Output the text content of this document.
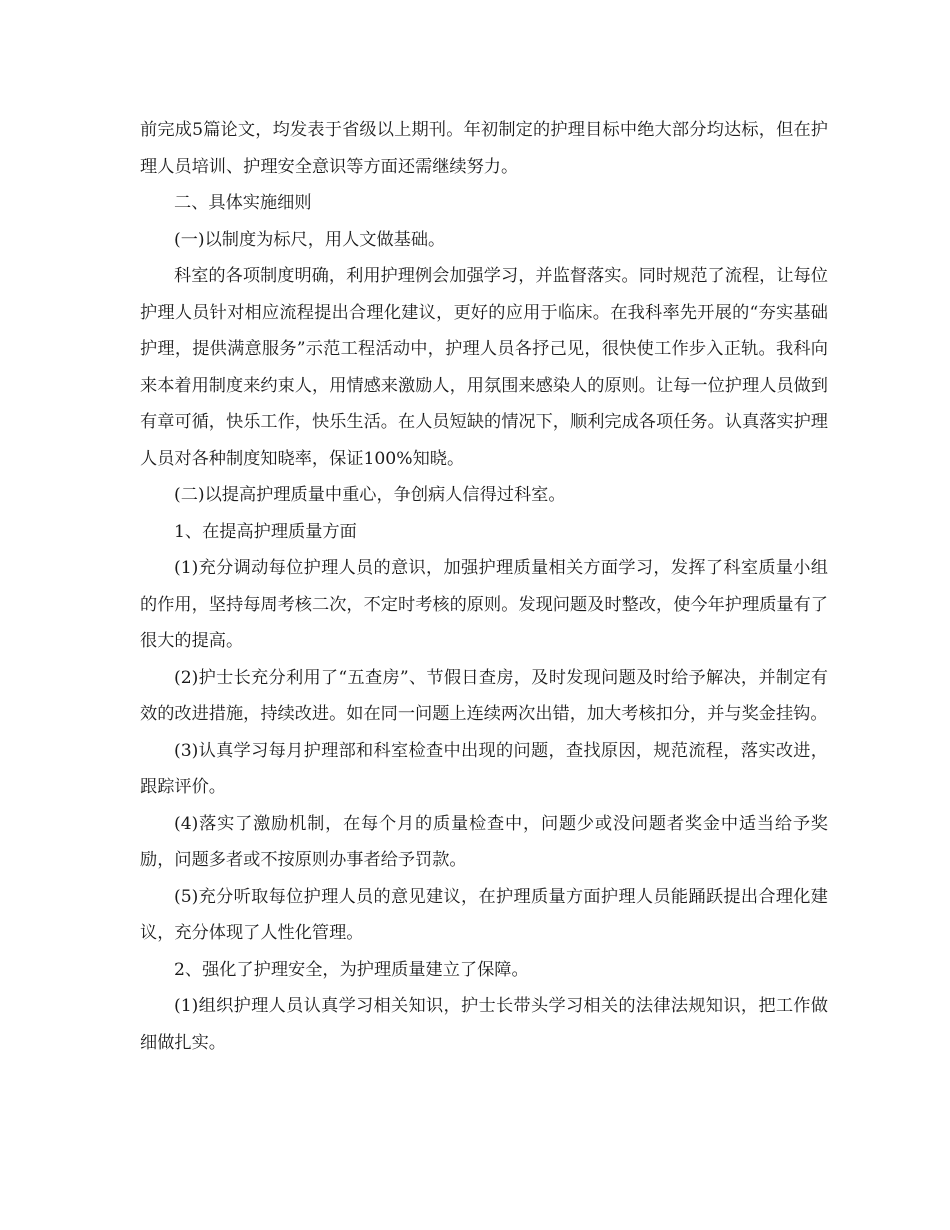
前完成5篇论文，均发表于省级以上期刊。年初制定的护理目标中绝大部分均达标，但在护理人员培训、护理安全意识等方面还需继续努力。

二、具体实施细则

(一)以制度为标尺，用人文做基础。

科室的各项制度明确，利用护理例会加强学习，并监督落实。同时规范了流程，让每位护理人员针对相应流程提出合理化建议，更好的应用于临床。在我科率先开展的“夯实基础护理，提供满意服务”示范工程活动中，护理人员各抒己见，很快使工作步入正轨。我科向来本着用制度来约束人，用情感来激励人，用氛围来感染人的原则。让每一位护理人员做到有章可循，快乐工作，快乐生活。在人员短缺的情况下，顺利完成各项任务。认真落实护理人员对各种制度知晓率，保证100%知晓。

(二)以提高护理质量中重心，争创病人信得过科室。

1、在提高护理质量方面

(1)充分调动每位护理人员的意识，加强护理质量相关方面学习，发挥了科室质量小组的作用，坚持每周考核二次，不定时考核的原则。发现问题及时整改，使今年护理质量有了很大的提高。

(2)护士长充分利用了“五查房”、节假日查房，及时发现问题及时给予解决，并制定有效的改进措施，持续改进。如在同一问题上连续两次出错，加大考核扣分，并与奖金挂钩。

(3)认真学习每月护理部和科室检查中出现的问题，查找原因，规范流程，落实改进，跟踪评价。

(4)落实了激励机制，在每个月的质量检查中，问题少或没问题者奖金中适当给予奖励，问题多者或不按原则办事者给予罚款。

(5)充分听取每位护理人员的意见建议，在护理质量方面护理人员能踊跃提出合理化建议，充分体现了人性化管理。

2、强化了护理安全，为护理质量建立了保障。

(1)组织护理人员认真学习相关知识，护士长带头学习相关的法律法规知识，把工作做细做扎实。
